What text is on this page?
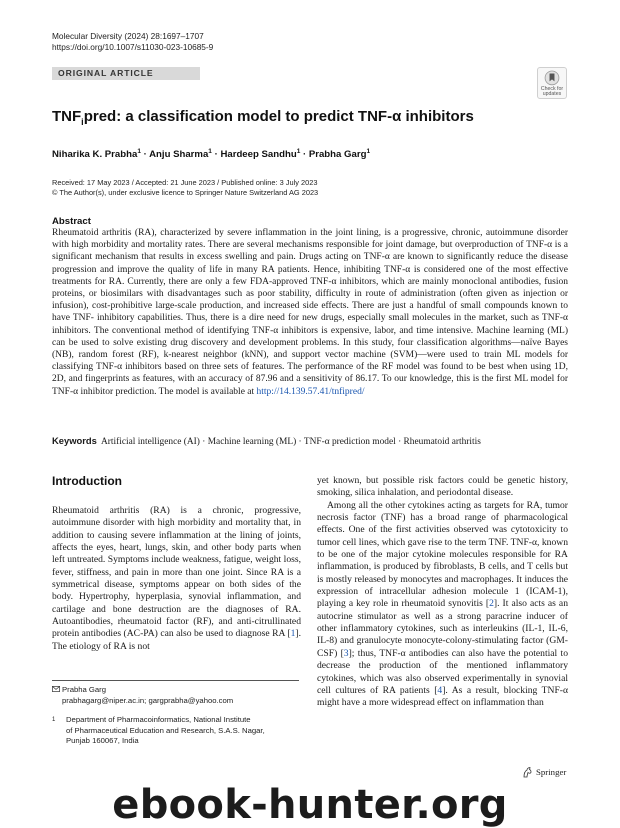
Molecular Diversity (2024) 28:1697–1707
https://doi.org/10.1007/s11030-023-10685-9
ORIGINAL ARTICLE
Check for
updates
$TNF_ipred$: a classification model to predict TNF-α inhibitors
Niharika K. Prabha$^1$ · Anju Sharma$^1$ · Hardeep Sandhu$^1$ · Prabha Garg$^1$
Received: 17 May 2023 / Accepted: 21 June 2023 / Published online: 3 July 2023
© The Author(s), under exclusive licence to Springer Nature Switzerland AG 2023
Abstract
Rheumatoid arthritis (RA), characterized by severe inflammation in the joint lining, is a progressive, chronic, autoimmune disorder with high morbidity and mortality rates. There are several mechanisms responsible for joint damage, but overproduction of TNF-α is a significant mechanism that results in excess swelling and pain. Drugs acting on TNF-α are known to significantly reduce the disease progression and improve the quality of life in many RA patients. Hence, inhibiting TNF-α is considered one of the most effective treatments for RA. Currently, there are only a few FDA-approved TNF-α inhibitors, which are mainly monoclonal antibodies, fusion proteins, or biosimilars with disadvantages such as poor stability, difficulty in route of administration (often given as injection or infusion), cost-prohibitive large-scale production, and increased side effects. There are just a handful of small compounds known to have TNF- inhibitory capabilities. Thus, there is a dire need for new drugs, especially small molecules in the market, such as TNF-α inhibitors. The conventional method of identifying TNF-α inhibitors is expensive, labor, and time intensive. Machine learning (ML) can be used to solve existing drug discovery and development problems. In this study, four classification algorithms—naïve Bayes (NB), random forest (RF), k-nearest neighbor (kNN), and support vector machine (SVM)—were used to train ML models for classifying TNF-α inhibitors based on three sets of features. The performance of the RF model was found to be best when using 1D, 2D, and fingerprints as features, with an accuracy of 87.96 and a sensitivity of 86.17. To our knowledge, this is the first ML model for TNF-α inhibitor prediction. The model is available at http://14.139.57.41/tnfipred/
Keywords Artificial intelligence (AI) · Machine learning (ML) · TNF-α prediction model · Rheumatoid arthritis
Introduction

Rheumatoid arthritis (RA) is a chronic, progressive, autoimmune disorder with high morbidity and mortality that, in addition to causing severe inflammation at the lining of joints, affects the eyes, heart, lungs, skin, and other body parts when left untreated. Symptoms include weakness, fatigue, weight loss, fever, stiffness, and pain in more than one joint. Since RA is a symmetrical disease, symptoms appear on both sides of the body. Hypertrophy, hyperplasia, synovial inflammation, and cartilage and bone destruction are the diagnoses of RA. Autoantibodies, rheumatoid factor (RF), and anti-citrullinated protein antibodies (AC-PA) can also be used to diagnose RA [1]. The etiology of RA is not

yet known, but possible risk factors could be genetic history, smoking, silica inhalation, and periodontal disease.

Among all the other cytokines acting as targets for RA, tumor necrosis factor (TNF) has a broad range of pharmacological effects. One of the first activities observed was cytotoxicity to tumor cell lines, which gave rise to the term TNF. TNF-α, known to be one of the major cytokine molecules responsible for RA inflammation, is produced by fibroblasts, B cells, and T cells but is mostly released by monocytes and macrophages. It induces the expression of intracellular adhesion molecule 1 (ICAM-1), playing a key role in rheumatoid synovitis [2]. It also acts as an autocrine stimulator as well as a strong paracrine inducer of other inflammatory cytokines, such as interleukins (IL-1, IL-6, IL-8) and granulocyte monocyte-colony-stimulating factor (GM-CSF) [3]; thus, TNF-α antibodies can also have the potential to decrease the production of the mentioned inflammatory cytokines, which was also observed experimentally in synovial cell cultures of RA patients [4]. As a result, blocking TNF-α might have a more widespread effect on inflammation than

Prabha Garg
prabhagarg@niper.ac.in; gargprabha@yahoo.com
1 Department of Pharmacoinformatics, National Institute
of Pharmaceutical Education and Research, S.A.S. Nagar,
Punjab 160067, India
Springer
ebook-hunter.org
